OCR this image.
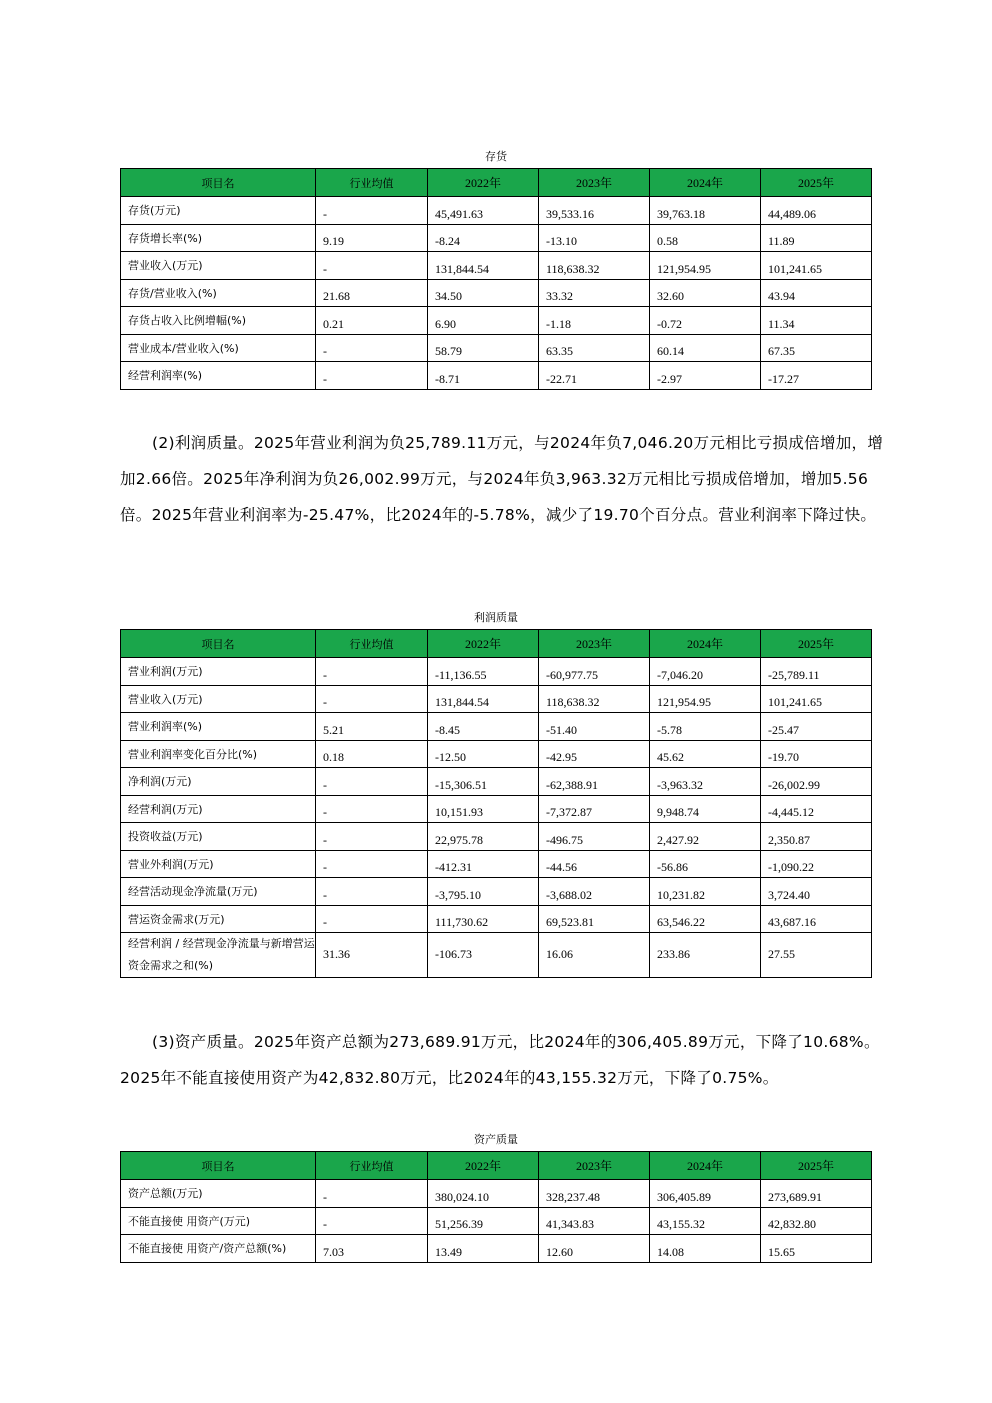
存货
项目名	行业均值	2022年	2023年	2024年	2025年
存货(万元)	-	45,491.63	39,533.16	39,763.18	44,489.06

存货增长率(%)	9.19	-8.24	-13.10	0.58	11.89

营业收入(万元)	-	131,844.54	118,638.32	121,954.95	101,241.65

存货/营业收入(%)	21.68	34.50	33.32	32.60	43.94

存货占收入比例增幅(%)	0.21	6.90	-1.18	-0.72	11.34

营业成本/营业收入(%)	-	58.79	63.35	60.14	67.35

经营利润率(%)	-	-8.71	-22.71	-2.97	-17.27
(2)利润质量。2025年营业利润为负25,789.11万元，与2024年负7,046.20万元相比亏损成倍增加，增加2.66倍。2025年净利润为负26,002.99万元，与2024年负3,963.32万元相比亏损成倍增加，增加5.56倍。2025年营业利润率为-25.47%，比2024年的-5.78%，减少了19.70个百分点。营业利润率下降过快。
利润质量
项目名	行业均值	2022年	2023年	2024年	2025年
营业利润(万元)	-	-11,136.55	-60,977.75	-7,046.20	-25,789.11

营业收入(万元)	-	131,844.54	118,638.32	121,954.95	101,241.65

营业利润率(%)	5.21	-8.45	-51.40	-5.78	-25.47

营业利润率变化百分比(%)	0.18	-12.50	-42.95	45.62	-19.70

净利润(万元)	-	-15,306.51	-62,388.91	-3,963.32	-26,002.99

经营利润(万元)	-	10,151.93	-7,372.87	9,948.74	-4,445.12

投资收益(万元)	-	22,975.78	-496.75	2,427.92	2,350.87

营业外利润(万元)	-	-412.31	-44.56	-56.86	-1,090.22

经营活动现金净流量(万元)	-	-3,795.10	-3,688.02	10,231.82	3,724.40

营运资金需求(万元)	-	111,730.62	69,523.81	63,546.22	43,687.16

经营利润 / 经营现金净流量与新增营运资金需求之和(%)	31.36	-106.73	16.06	233.86	27.55
(3)资产质量。2025年资产总额为273,689.91万元，比2024年的306,405.89万元，下降了10.68%。2025年不能直接使用资产为42,832.80万元，比2024年的43,155.32万元，下降了0.75%。
资产质量
项目名	行业均值	2022年	2023年	2024年	2025年
资产总额(万元)	-	380,024.10	328,237.48	306,405.89	273,689.91

不能直接使 用资产(万元)	-	51,256.39	41,343.83	43,155.32	42,832.80

不能直接使 用资产/资产总额(%)	7.03	13.49	12.60	14.08	15.65
